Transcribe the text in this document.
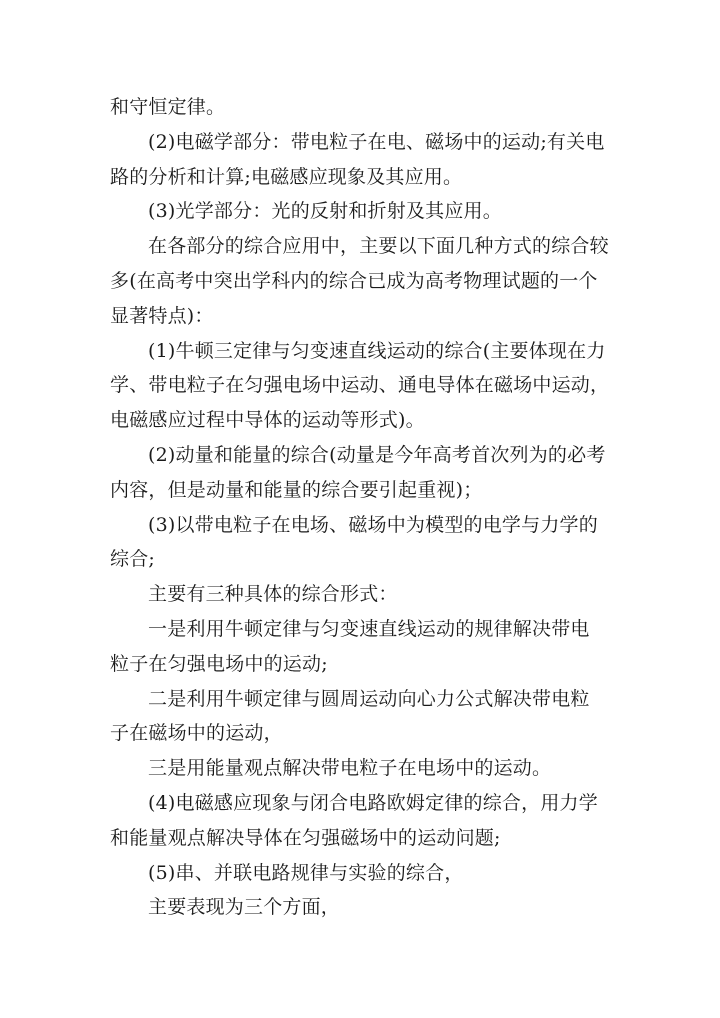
和守恒定律。
(2)电磁学部分：带电粒子在电、磁场中的运动;有关电
路的分析和计算;电磁感应现象及其应用。
(3)光学部分：光的反射和折射及其应用。
在各部分的综合应用中，主要以下面几种方式的综合较
多(在高考中突出学科内的综合已成为高考物理试题的一个
显著特点)：
(1)牛顿三定律与匀变速直线运动的综合(主要体现在力
学、带电粒子在匀强电场中运动、通电导体在磁场中运动，
电磁感应过程中导体的运动等形式)。
(2)动量和能量的综合(动量是今年高考首次列为的必考
内容，但是动量和能量的综合要引起重视)；
(3)以带电粒子在电场、磁场中为模型的电学与力学的
综合;
主要有三种具体的综合形式：
一是利用牛顿定律与匀变速直线运动的规律解决带电
粒子在匀强电场中的运动;
二是利用牛顿定律与圆周运动向心力公式解决带电粒
子在磁场中的运动，
三是用能量观点解决带电粒子在电场中的运动。
(4)电磁感应现象与闭合电路欧姆定律的综合，用力学
和能量观点解决导体在匀强磁场中的运动问题;
(5)串、并联电路规律与实验的综合，
主要表现为三个方面，
